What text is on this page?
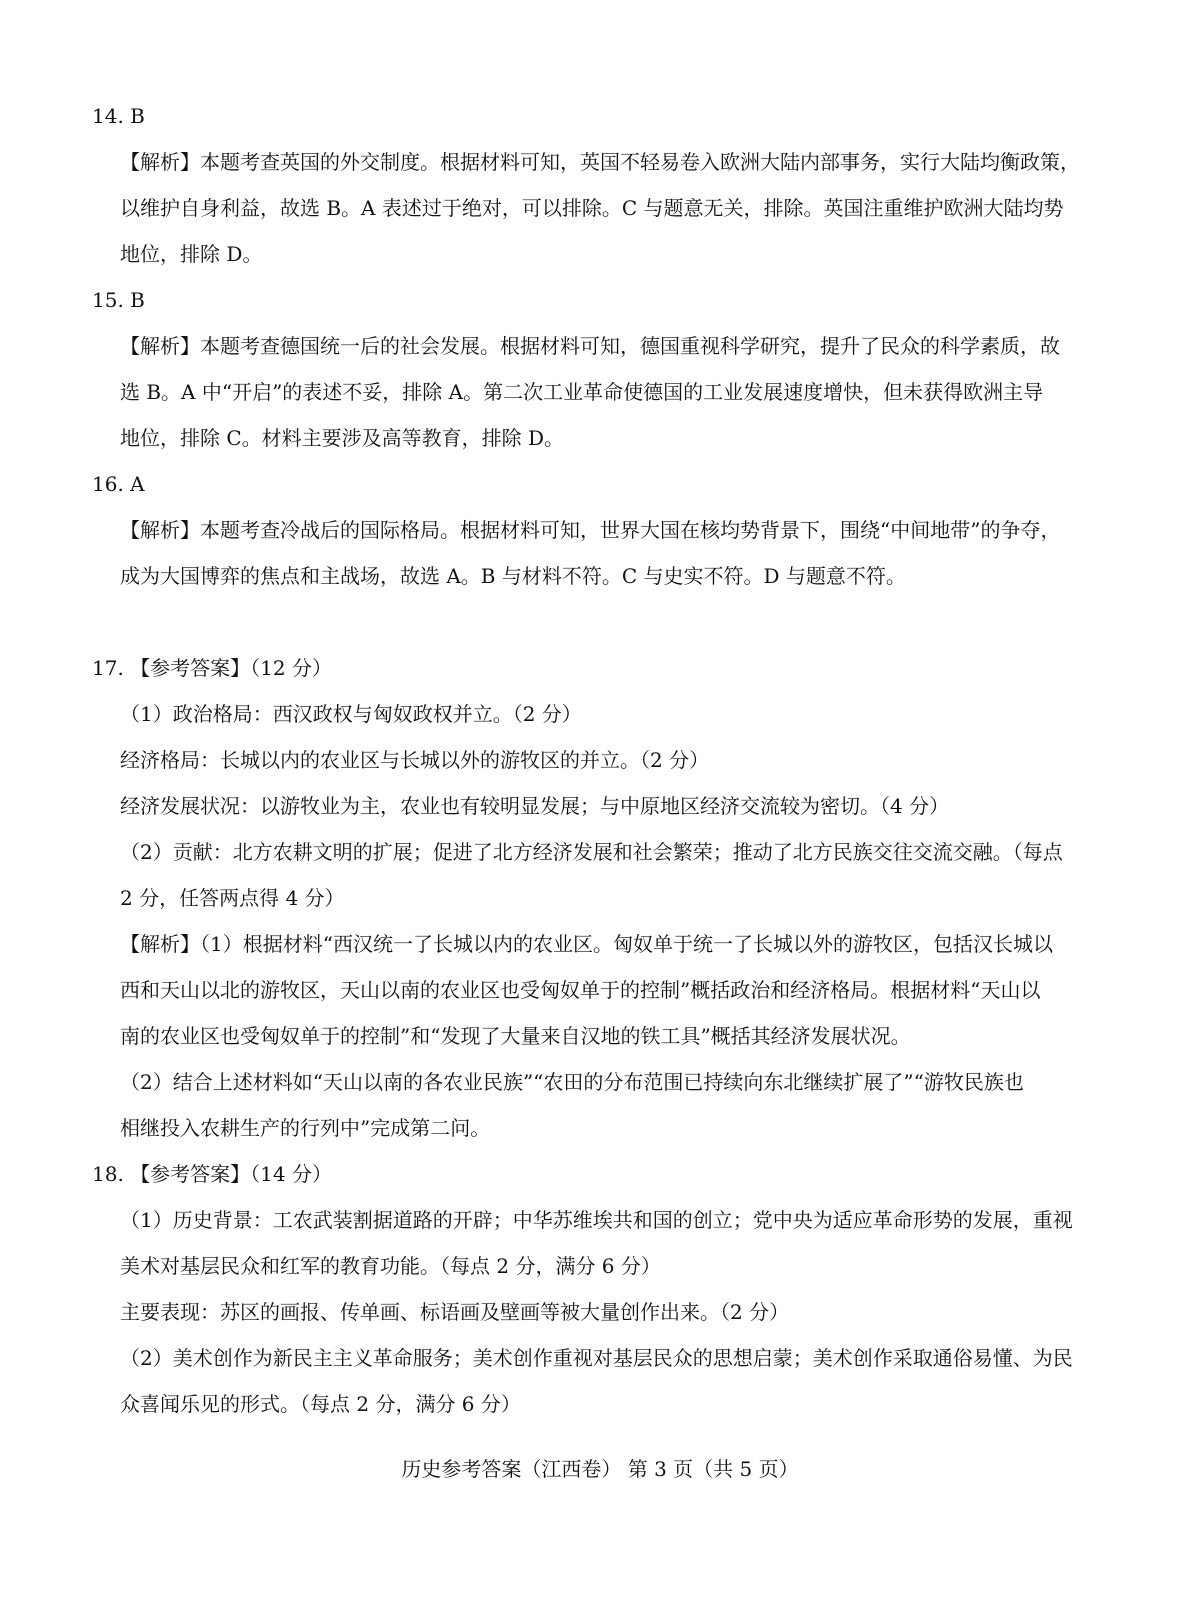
14. B
【解析】本题考查英国的外交制度。根据材料可知，英国不轻易卷入欧洲大陆内部事务，实行大陆均衡政策，
以维护自身利益，故选 B。A 表述过于绝对，可以排除。C 与题意无关，排除。英国注重维护欧洲大陆均势
地位，排除 D。
15. B
【解析】本题考查德国统一后的社会发展。根据材料可知，德国重视科学研究，提升了民众的科学素质，故
选 B。A 中“开启”的表述不妥，排除 A。第二次工业革命使德国的工业发展速度增快，但未获得欧洲主导
地位，排除 C。材料主要涉及高等教育，排除 D。
16. A
【解析】本题考查冷战后的国际格局。根据材料可知，世界大国在核均势背景下，围绕“中间地带”的争夺，
成为大国博弈的焦点和主战场，故选 A。B 与材料不符。C 与史实不符。D 与题意不符。
17. 【参考答案】（12 分）
（1）政治格局：西汉政权与匈奴政权并立。（2 分）
经济格局：长城以内的农业区与长城以外的游牧区的并立。（2 分）
经济发展状况：以游牧业为主，农业也有较明显发展；与中原地区经济交流较为密切。（4 分）
（2）贡献：北方农耕文明的扩展；促进了北方经济发展和社会繁荣；推动了北方民族交往交流交融。（每点
2 分，任答两点得 4 分）
【解析】（1）根据材料“西汉统一了长城以内的农业区。匈奴单于统一了长城以外的游牧区，包括汉长城以
西和天山以北的游牧区，天山以南的农业区也受匈奴单于的控制”概括政治和经济格局。根据材料“天山以
南的农业区也受匈奴单于的控制”和“发现了大量来自汉地的铁工具”概括其经济发展状况。
（2）结合上述材料如“天山以南的各农业民族”“农田的分布范围已持续向东北继续扩展了”“游牧民族也
相继投入农耕生产的行列中”完成第二问。
18. 【参考答案】（14 分）
（1）历史背景：工农武装割据道路的开辟；中华苏维埃共和国的创立；党中央为适应革命形势的发展，重视
美术对基层民众和红军的教育功能。（每点 2 分，满分 6 分）
主要表现：苏区的画报、传单画、标语画及壁画等被大量创作出来。（2 分）
（2）美术创作为新民主主义革命服务；美术创作重视对基层民众的思想启蒙；美术创作采取通俗易懂、为民
众喜闻乐见的形式。（每点 2 分，满分 6 分）
历史参考答案（江西卷） 第 3 页（共 5 页）
